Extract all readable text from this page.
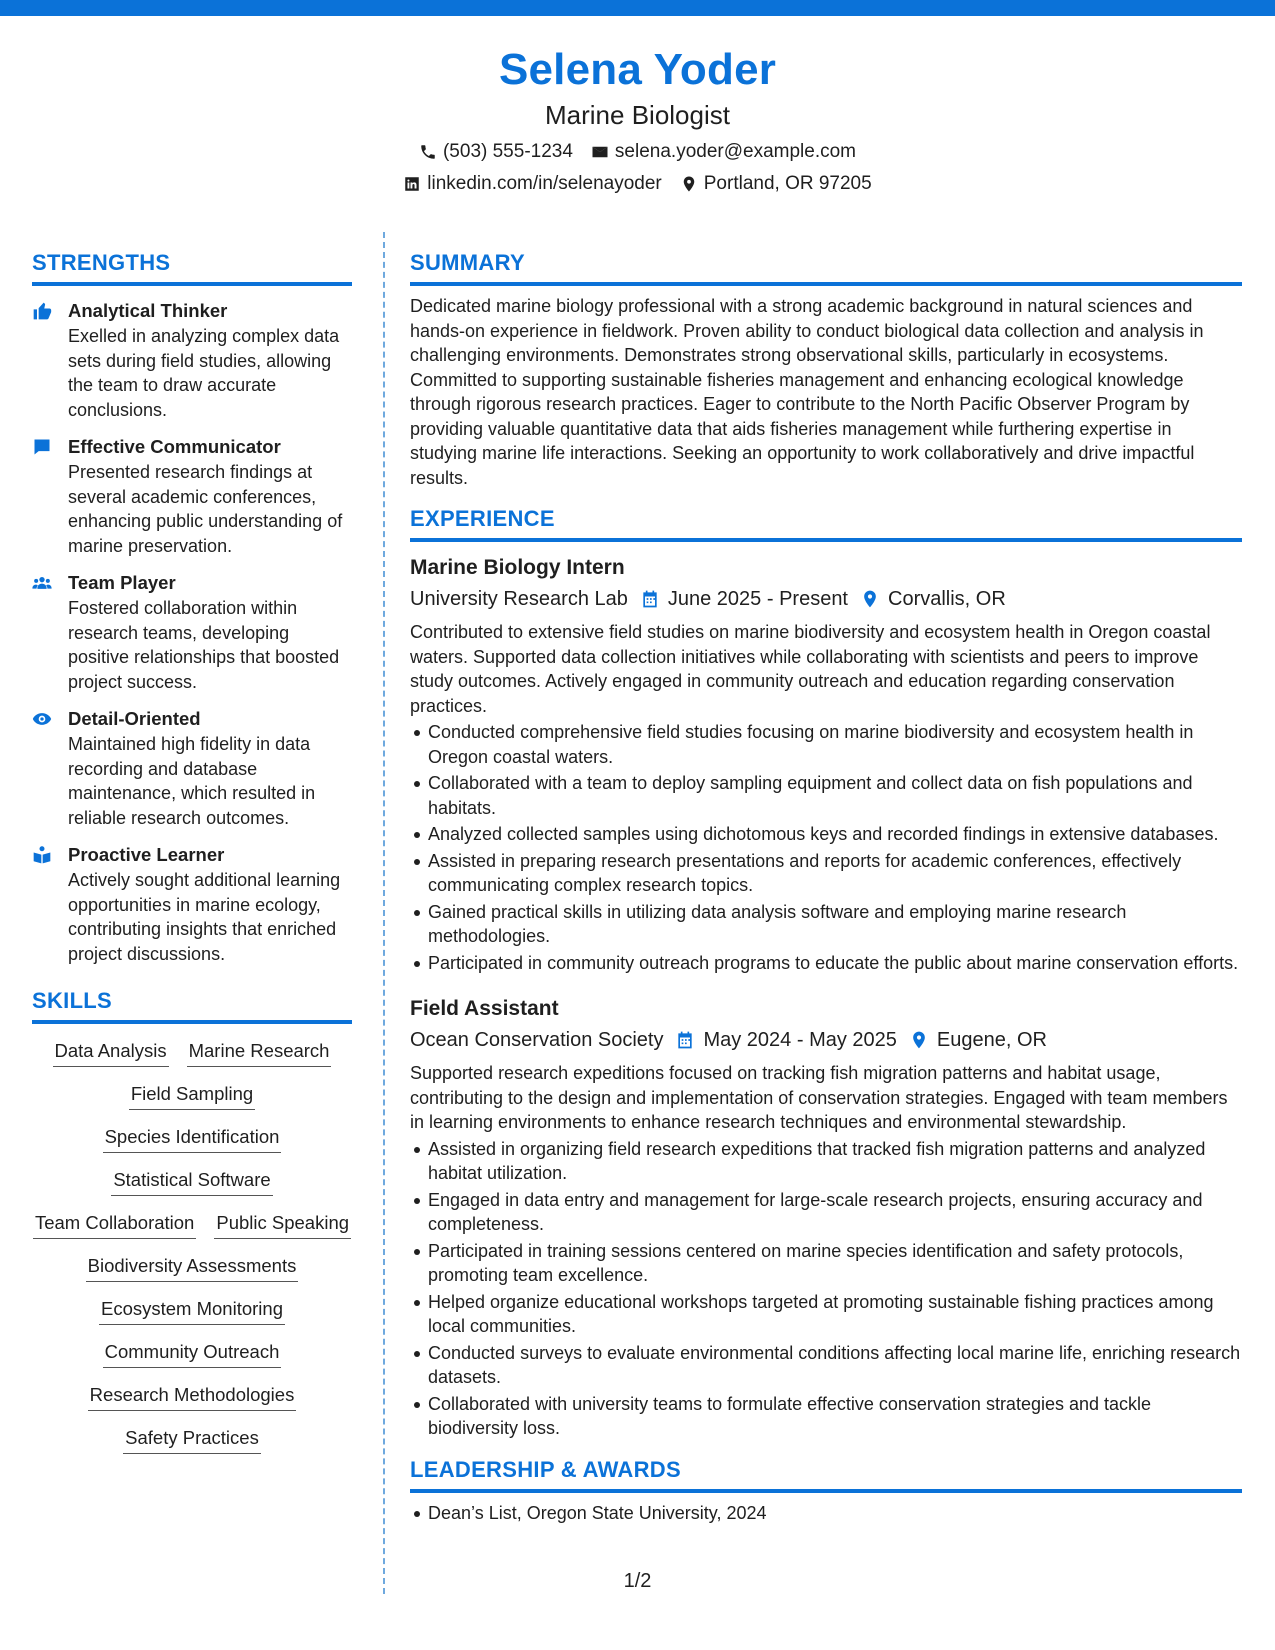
Selena Yoder
Marine Biologist
(503) 555-1234 selena.yoder@example.com
linkedin.com/in/selenayoder Portland, OR 97205
STRENGTHS
Analytical Thinker
Exelled in analyzing complex data sets during field studies, allowing the team to draw accurate conclusions.
Effective Communicator
Presented research findings at several academic conferences, enhancing public understanding of marine preservation.
Team Player
Fostered collaboration within research teams, developing positive relationships that boosted project success.
Detail-Oriented
Maintained high fidelity in data recording and database maintenance, which resulted in reliable research outcomes.
Proactive Learner
Actively sought additional learning opportunities in marine ecology, contributing insights that enriched project discussions.
SKILLS
Data Analysis Marine Research
Field Sampling
Species Identification
Statistical Software
Team Collaboration Public Speaking
Biodiversity Assessments
Ecosystem Monitoring
Community Outreach
Research Methodologies
Safety Practices
SUMMARY
Dedicated marine biology professional with a strong academic background in natural sciences and hands-on experience in fieldwork. Proven ability to conduct biological data collection and analysis in challenging environments. Demonstrates strong observational skills, particularly in ecosystems. Committed to supporting sustainable fisheries management and enhancing ecological knowledge through rigorous research practices. Eager to contribute to the North Pacific Observer Program by providing valuable quantitative data that aids fisheries management while furthering expertise in studying marine life interactions. Seeking an opportunity to work collaboratively and drive impactful results.
EXPERIENCE
Marine Biology Intern
University Research Lab June 2025 - Present Corvallis, OR
Contributed to extensive field studies on marine biodiversity and ecosystem health in Oregon coastal waters. Supported data collection initiatives while collaborating with scientists and peers to improve study outcomes. Actively engaged in community outreach and education regarding conservation practices.
Conducted comprehensive field studies focusing on marine biodiversity and ecosystem health in Oregon coastal waters.
Collaborated with a team to deploy sampling equipment and collect data on fish populations and habitats.
Analyzed collected samples using dichotomous keys and recorded findings in extensive databases.
Assisted in preparing research presentations and reports for academic conferences, effectively communicating complex research topics.
Gained practical skills in utilizing data analysis software and employing marine research methodologies.
Participated in community outreach programs to educate the public about marine conservation efforts.
Field Assistant
Ocean Conservation Society May 2024 - May 2025 Eugene, OR
Supported research expeditions focused on tracking fish migration patterns and habitat usage, contributing to the design and implementation of conservation strategies. Engaged with team members in learning environments to enhance research techniques and environmental stewardship.
Assisted in organizing field research expeditions that tracked fish migration patterns and analyzed habitat utilization.
Engaged in data entry and management for large-scale research projects, ensuring accuracy and completeness.
Participated in training sessions centered on marine species identification and safety protocols, promoting team excellence.
Helped organize educational workshops targeted at promoting sustainable fishing practices among local communities.
Conducted surveys to evaluate environmental conditions affecting local marine life, enriching research datasets.
Collaborated with university teams to formulate effective conservation strategies and tackle biodiversity loss.
LEADERSHIP & AWARDS
Dean’s List, Oregon State University, 2024
1/2
